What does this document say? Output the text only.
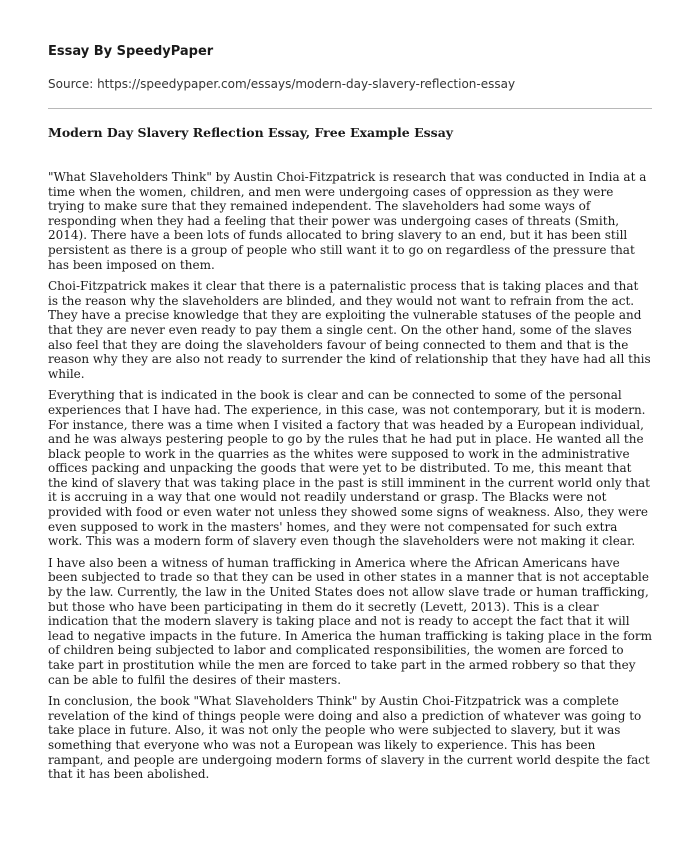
Essay By SpeedyPaper
Source: https://speedypaper.com/essays/modern-day-slavery-reflection-essay
Modern Day Slavery Reflection Essay, Free Example Essay

"What Slaveholders Think" by Austin Choi-Fitzpatrick is research that was conducted in India at a time when the women, children, and men were undergoing cases of oppression as they were trying to make sure that they remained independent. The slaveholders had some ways of responding when they had a feeling that their power was undergoing cases of threats (Smith, 2014). There have a been lots of funds allocated to bring slavery to an end, but it has been still persistent as there is a group of people who still want it to go on regardless of the pressure that has been imposed on them.

Choi-Fitzpatrick makes it clear that there is a paternalistic process that is taking places and that is the reason why the slaveholders are blinded, and they would not want to refrain from the act. They have a precise knowledge that they are exploiting the vulnerable statuses of the people and that they are never even ready to pay them a single cent. On the other hand, some of the slaves also feel that they are doing the slaveholders favour of being connected to them and that is the reason why they are also not ready to surrender the kind of relationship that they have had all this while.

Everything that is indicated in the book is clear and can be connected to some of the personal experiences that I have had. The experience, in this case, was not contemporary, but it is modern. For instance, there was a time when I visited a factory that was headed by a European individual, and he was always pestering people to go by the rules that he had put in place. He wanted all the black people to work in the quarries as the whites were supposed to work in the administrative offices packing and unpacking the goods that were yet to be distributed. To me, this meant that the kind of slavery that was taking place in the past is still imminent in the current world only that it is accruing in a way that one would not readily understand or grasp. The Blacks were not provided with food or even water not unless they showed some signs of weakness. Also, they were even supposed to work in the masters' homes, and they were not compensated for such extra work. This was a modern form of slavery even though the slaveholders were not making it clear.

I have also been a witness of human trafficking in America where the African Americans have been subjected to trade so that they can be used in other states in a manner that is not acceptable by the law. Currently, the law in the United States does not allow slave trade or human trafficking, but those who have been participating in them do it secretly (Levett, 2013). This is a clear indication that the modern slavery is taking place and not is ready to accept the fact that it will lead to negative impacts in the future. In America the human trafficking is taking place in the form of children being subjected to labor and complicated responsibilities, the women are forced to take part in prostitution while the men are forced to take part in the armed robbery so that they can be able to fulfil the desires of their masters.

In conclusion, the book "What Slaveholders Think" by Austin Choi-Fitzpatrick was a complete revelation of the kind of things people were doing and also a prediction of whatever was going to take place in future. Also, it was not only the people who were subjected to slavery, but it was something that everyone who was not a European was likely to experience. This has been rampant, and people are undergoing modern forms of slavery in the current world despite the fact that it has been abolished.
